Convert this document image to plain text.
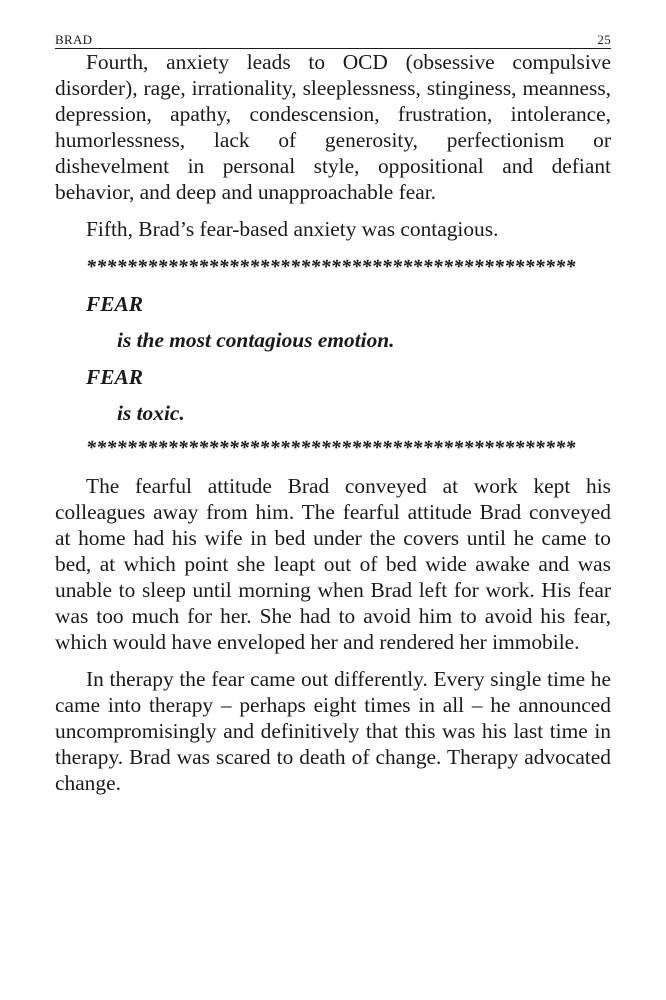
BRAD	25

Fourth, anxiety leads to OCD (obsessive compulsive disorder), rage, irrationality, sleeplessness, stinginess, meanness, depression, apathy, condescension, frustration, intolerance, humorlessness, lack of generosity, perfectionism or dishevelment in personal style, oppositional and defiant behavior, and deep and unapproachable fear.

Fifth, Brad’s fear-based anxiety was contagious.

************************************************
FEAR
is the most contagious emotion.
FEAR
is toxic.
************************************************

The fearful attitude Brad conveyed at work kept his colleagues away from him. The fearful attitude Brad conveyed at home had his wife in bed under the covers until he came to bed, at which point she leapt out of bed wide awake and was unable to sleep until morning when Brad left for work. His fear was too much for her. She had to avoid him to avoid his fear, which would have enveloped her and rendered her immobile.

In therapy the fear came out differently. Every single time he came into therapy – perhaps eight times in all – he announced uncompromisingly and definitively that this was his last time in therapy. Brad was scared to death of change. Therapy advocated change.
